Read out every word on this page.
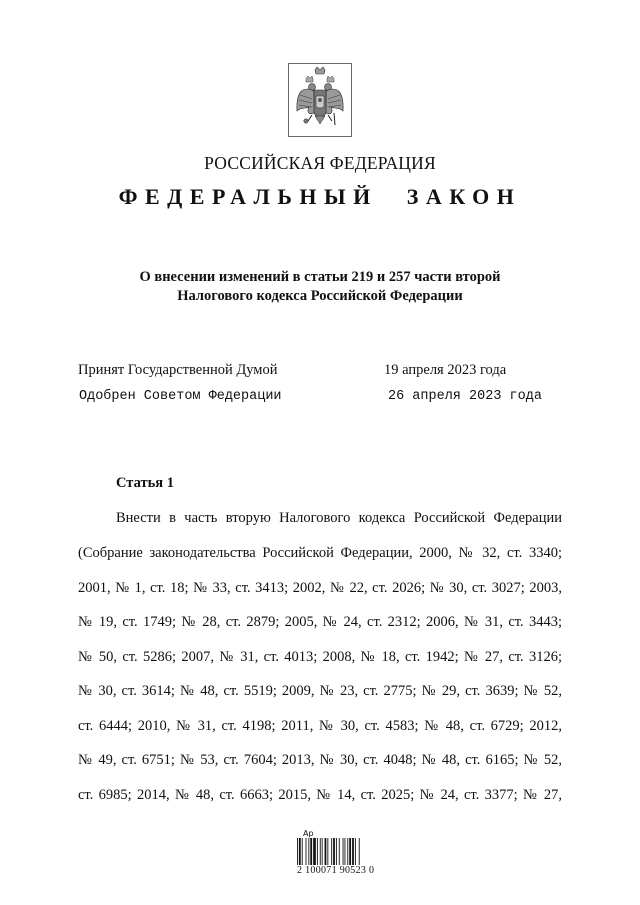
РОССИЙСКАЯ ФЕДЕРАЦИЯ
ФЕДЕРАЛЬНЫЙ ЗАКОН
О внесении изменений в статьи 219 и 257 части второй
Налогового кодекса Российской Федерации
Принят Государственной Думой	19 апреля 2023 года
Одобрен Советом Федерации	26 апреля 2023 года
Статья 1
Внести в часть вторую Налогового кодекса Российской Федерации
(Собрание законодательства Российской Федерации, 2000, № 32, ст. 3340;
2001, № 1, ст. 18; № 33, ст. 3413; 2002, № 22, ст. 2026; № 30, ст. 3027; 2003,
№ 19, ст. 1749; № 28, ст. 2879; 2005, № 24, ст. 2312; 2006, № 31, ст. 3443;
№ 50, ст. 5286; 2007, № 31, ст. 4013; 2008, № 18, ст. 1942; № 27, ст. 3126;
№ 30, ст. 3614; № 48, ст. 5519; 2009, № 23, ст. 2775; № 29, ст. 3639; № 52,
ст. 6444; 2010, № 31, ст. 4198; 2011, № 30, ст. 4583; № 48, ст. 6729; 2012,
№ 49, ст. 6751; № 53, ст. 7604; 2013, № 30, ст. 4048; № 48, ст. 6165; № 52,
ст. 6985; 2014, № 48, ст. 6663; 2015, № 14, ст. 2025; № 24, ст. 3377; № 27,
Ар
2 100071 90523 0
